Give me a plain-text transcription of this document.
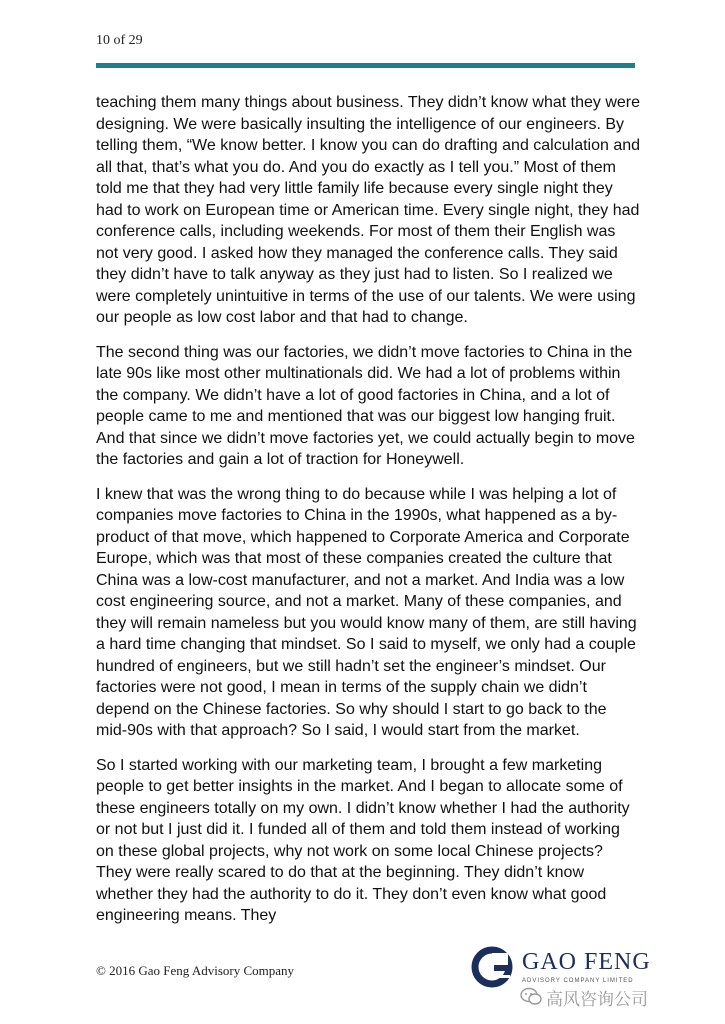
10 of 29

teaching them many things about business. They didn’t know what they were designing. We were basically insulting the intelligence of our engineers. By telling them, “We know better. I know you can do drafting and calculation and all that, that’s what you do. And you do exactly as I tell you.” Most of them told me that they had very little family life because every single night they had to work on European time or American time. Every single night, they had conference calls, including weekends. For most of them their English was not very good. I asked how they managed the conference calls. They said they didn’t have to talk anyway as they just had to listen. So I realized we were completely unintuitive in terms of the use of our talents. We were using our people as low cost labor and that had to change.

The second thing was our factories, we didn’t move factories to China in the late 90s like most other multinationals did. We had a lot of problems within the company. We didn’t have a lot of good factories in China, and a lot of people came to me and mentioned that was our biggest low hanging fruit. And that since we didn’t move factories yet, we could actually begin to move the factories and gain a lot of traction for Honeywell.

I knew that was the wrong thing to do because while I was helping a lot of companies move factories to China in the 1990s, what happened as a by- product of that move, which happened to Corporate America and Corporate Europe, which was that most of these companies created the culture that China was a low-cost manufacturer, and not a market. And India was a low cost engineering source, and not a market. Many of these companies, and they will remain nameless but you would know many of them, are still having a hard time changing that mindset. So I said to myself, we only had a couple hundred of engineers, but we still hadn’t set the engineer’s mindset. Our factories were not good, I mean in terms of the supply chain we didn’t depend on the Chinese factories. So why should I start to go back to the mid-90s with that approach? So I said, I would start from the market.

So I started working with our marketing team, I brought a few marketing people to get better insights in the market. And I began to allocate some of these engineers totally on my own. I didn’t know whether I had the authority or not but I just did it. I funded all of them and told them instead of working on these global projects, why not work on some local Chinese projects? They were really scared to do that at the beginning. They didn’t know whether they had the authority to do it. They don’t even know what good engineering means. They

© 2016 Gao Feng Advisory Company	GAO FENG
ADVISORY COMPANY LIMITED
高风咨询公司
